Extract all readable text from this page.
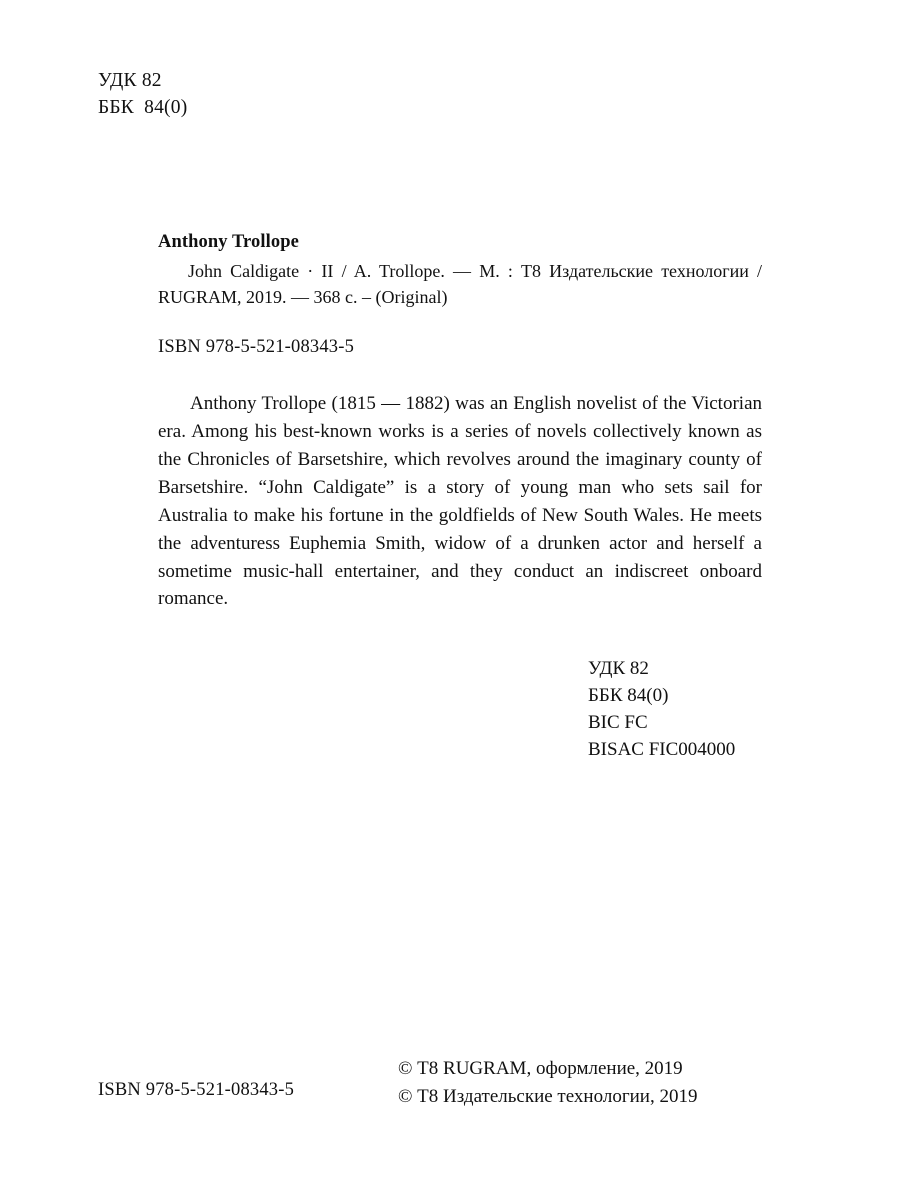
УДК 82
ББК  84(0)

Anthony Trollope

John Caldigate · II / A. Trollope. — М. : Т8 Издательские технологии / RUGRAM, 2019. — 368 с. – (Original)

ISBN 978-5-521-08343-5
Anthony Trollope (1815 — 1882) was an English novelist of the Victorian era. Among his best-known works is a series of novels collectively known as the Chronicles of Barsetshire, which revolves around the imaginary county of Barsetshire. “John Caldigate” is a story of young man who sets sail for Australia to make his fortune in the goldfields of New South Wales. He meets the adventuress Euphemia Smith, widow of a drunken actor and herself a sometime music-hall entertainer, and they conduct an indiscreet onboard romance.
УДК 82
ББК 84(0)
BIC FC
BISAC FIC004000
ISBN 978-5-521-08343-5
© Т8 RUGRAM, оформление, 2019
© Т8 Издательские технологии, 2019
